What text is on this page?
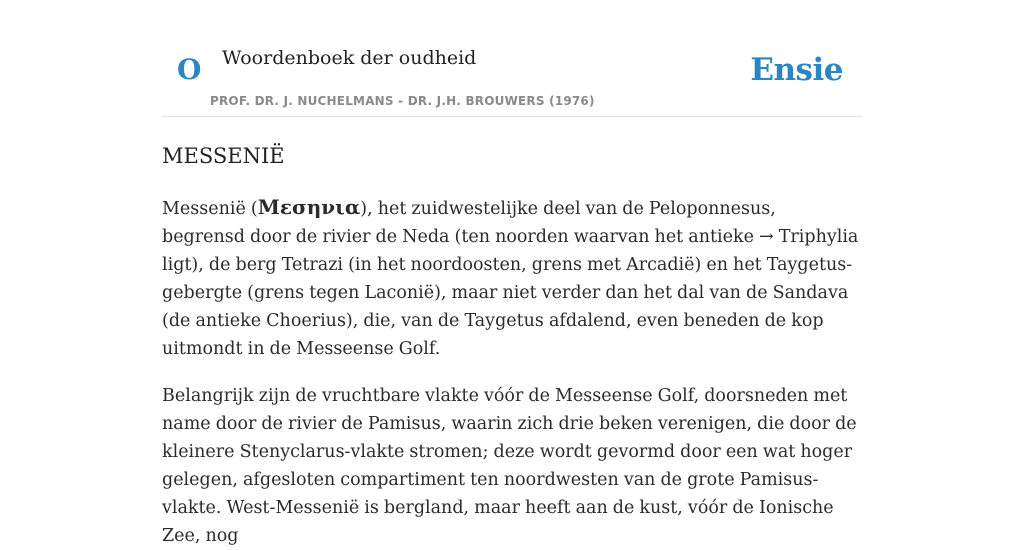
O Woordenboek der oudheid
PROF. DR. J. NUCHELMANS - DR. J.H. BROUWERS (1976)
Ensie
MESSENIË

Messenië (Μεσηνια), het zuidwestelijke deel van de Peloponnesus, begrensd door de rivier de Neda (ten noorden waarvan het antieke → Triphylia ligt), de berg Tetrazi (in het noordoosten, grens met Arcadië) en het Taygetus-gebergte (grens tegen Laconië), maar niet verder dan het dal van de Sandava (de antieke Choerius), die, van de Taygetus afdalend, even beneden de kop uitmondt in de Messeense Golf.

Belangrijk zijn de vruchtbare vlakte vóór de Messeense Golf, doorsneden met name door de rivier de Pamisus, waarin zich drie beken verenigen, die door de kleinere Stenyclarus-vlakte stromen; deze wordt gevormd door een wat hoger gelegen, afgesloten compartiment ten noordwesten van de grote Pamisus-vlakte. West-Messenië is bergland, maar heeft aan de kust, vóór de Ionische Zee, nog
